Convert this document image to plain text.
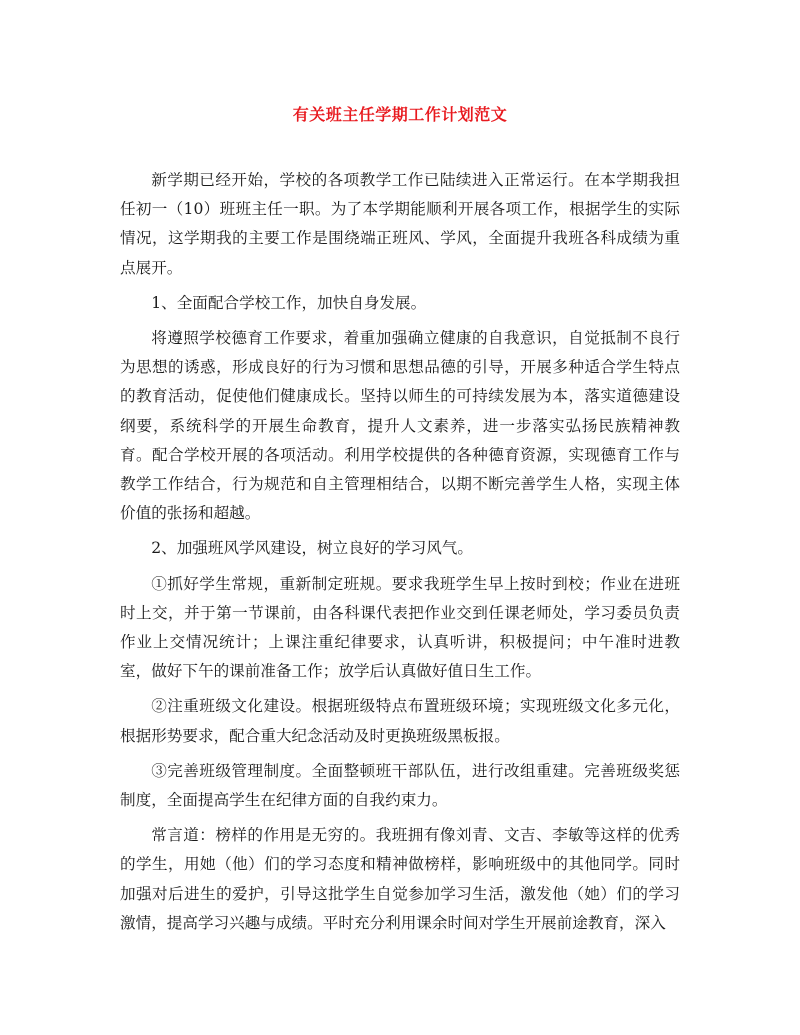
有关班主任学期工作计划范文

新学期已经开始，学校的各项教学工作已陆续进入正常运行。在本学期我担任初一（10）班班主任一职。为了本学期能顺利开展各项工作，根据学生的实际情况，这学期我的主要工作是围绕端正班风、学风，全面提升我班各科成绩为重点展开。

1、全面配合学校工作，加快自身发展。

将遵照学校德育工作要求，着重加强确立健康的自我意识，自觉抵制不良行为思想的诱惑，形成良好的行为习惯和思想品德的引导，开展多种适合学生特点的教育活动，促使他们健康成长。坚持以师生的可持续发展为本，落实道德建设纲要，系统科学的开展生命教育，提升人文素养，进一步落实弘扬民族精神教育。配合学校开展的各项活动。利用学校提供的各种德育资源，实现德育工作与教学工作结合，行为规范和自主管理相结合，以期不断完善学生人格，实现主体价值的张扬和超越。

2、加强班风学风建设，树立良好的学习风气。

①抓好学生常规，重新制定班规。要求我班学生早上按时到校；作业在进班时上交，并于第一节课前，由各科课代表把作业交到任课老师处，学习委员负责作业上交情况统计；上课注重纪律要求，认真听讲，积极提问；中午准时进教室，做好下午的课前准备工作；放学后认真做好值日生工作。

②注重班级文化建设。根据班级特点布置班级环境；实现班级文化多元化，根据形势要求，配合重大纪念活动及时更换班级黑板报。

③完善班级管理制度。全面整顿班干部队伍，进行改组重建。完善班级奖惩制度，全面提高学生在纪律方面的自我约束力。

常言道：榜样的作用是无穷的。我班拥有像刘青、文吉、李敏等这样的优秀的学生，用她（他）们的学习态度和精神做榜样，影响班级中的其他同学。同时加强对后进生的爱护，引导这批学生自觉参加学习生活，激发他（她）们的学习激情，提高学习兴趣与成绩。平时充分利用课余时间对学生开展前途教育，深入
